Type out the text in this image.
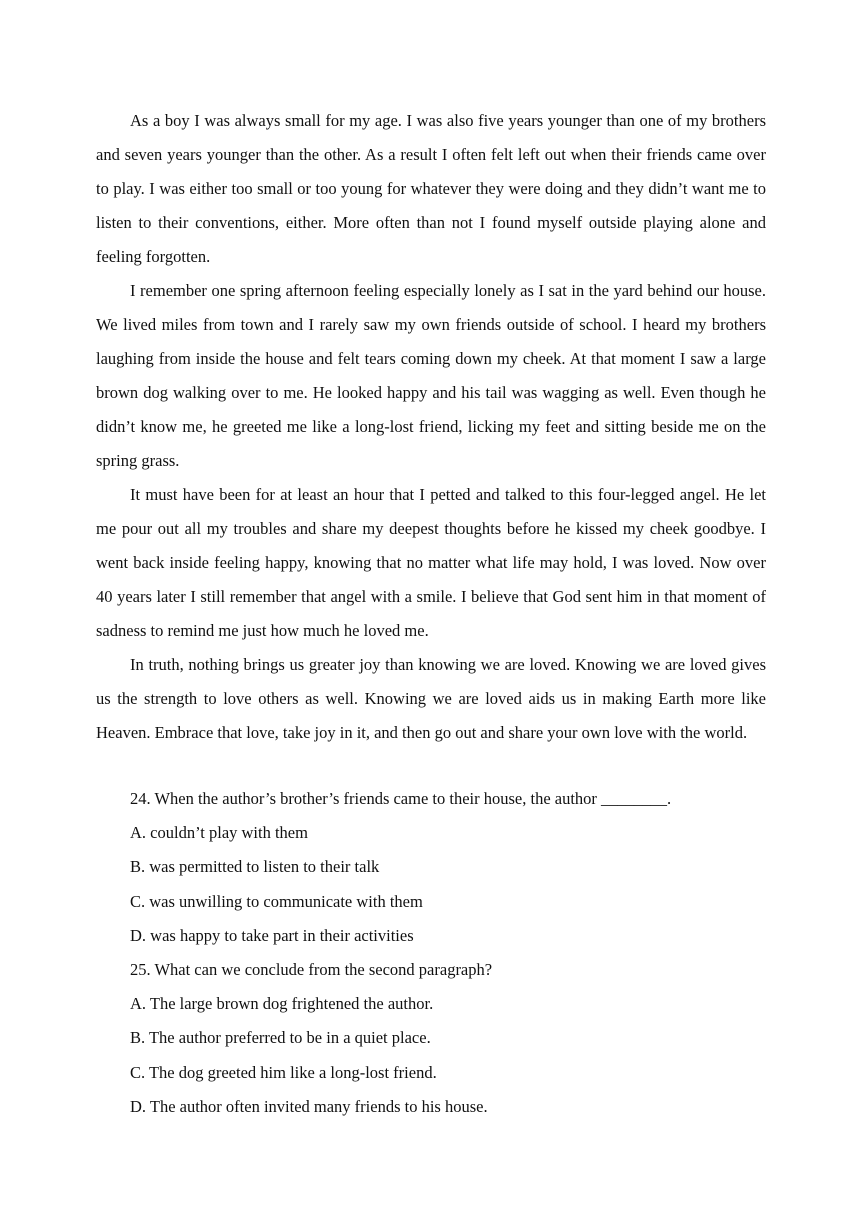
As a boy I was always small for my age. I was also five years younger than one of my brothers and seven years younger than the other. As a result I often felt left out when their friends came over to play. I was either too small or too young for whatever they were doing and they didn’t want me to listen to their conventions, either. More often than not I found myself outside playing alone and feeling forgotten.

I remember one spring afternoon feeling especially lonely as I sat in the yard behind our house. We lived miles from town and I rarely saw my own friends outside of school. I heard my brothers laughing from inside the house and felt tears coming down my cheek. At that moment I saw a large brown dog walking over to me. He looked happy and his tail was wagging as well. Even though he didn’t know me, he greeted me like a long-lost friend, licking my feet and sitting beside me on the spring grass.

It must have been for at least an hour that I petted and talked to this four-legged angel. He let me pour out all my troubles and share my deepest thoughts before he kissed my cheek goodbye. I went back inside feeling happy, knowing that no matter what life may hold, I was loved. Now over 40 years later I still remember that angel with a smile. I believe that God sent him in that moment of sadness to remind me just how much he loved me.

In truth, nothing brings us greater joy than knowing we are loved. Knowing we are loved gives us the strength to love others as well. Knowing we are loved aids us in making Earth more like Heaven. Embrace that love, take joy in it, and then go out and share your own love with the world.

24. When the author’s brother’s friends came to their house, the author ________.

A. couldn’t play with them

B. was permitted to listen to their talk

C. was unwilling to communicate with them

D. was happy to take part in their activities

25. What can we conclude from the second paragraph?

A. The large brown dog frightened the author.

B. The author preferred to be in a quiet place.

C. The dog greeted him like a long-lost friend.

D. The author often invited many friends to his house.
